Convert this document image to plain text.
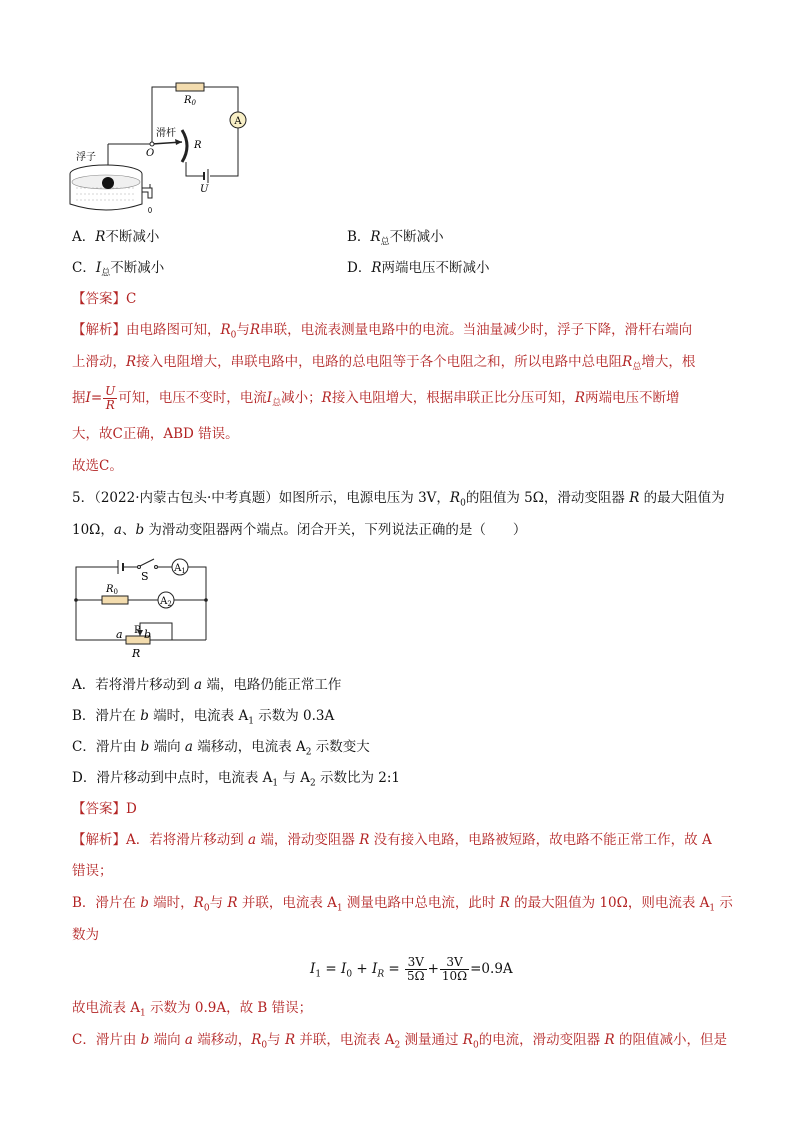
A
U
$R_0$
R
滑杆
O
浮子
A．R不断减小	B．$R_总$不断减小
C．$I_总$不断减小	D．R两端电压不断减小
【答案】C
【解析】由电路图可知，$R_0$与R串联，电流表测量电路中的电流。当油量减少时，浮子下降，滑杆右端向
上滑动，R接入电阻增大，串联电路中，电路的总电阻等于各个电阻之和，所以电路中总电阻$R_总$增大，根
据$I= \frac{U}{R}$ 可知，电压不变时，电流$I_总$减小；R接入电阻增大，根据串联正比分压可知，R两端电压不断增
大，故C正确，ABD 错误。
故选C。
5．（2022·内蒙古包头·中考真题）如图所示，电源电压为 3V，$R_0$的阻值为 5Ω，滑动变阻器 R 的最大阻值为
10Ω，a、b 为滑动变阻器两个端点。闭合开关，下列说法正确的是（　　）
S
$A_1$
$R_0$
$A_2$
P
a b
R
A．若将滑片移动到 a 端，电路仍能正常工作
B．滑片在 b 端时，电流表 $A_1$ 示数为 0.3A
C．滑片由 b 端向 a 端移动，电流表 $A_2$ 示数变大
D．滑片移动到中点时，电流表 $A_1$ 与 $A_2$ 示数比为 2:1
【答案】D
【解析】A．若将滑片移动到 a 端，滑动变阻器 R 没有接入电路，电路被短路，故电路不能正常工作，故 A
错误；
B．滑片在 b 端时，$R_0$与 R 并联，电流表 $A_1$ 测量电路中总电流，此时 R 的最大阻值为 10Ω，则电流表 $A_1$ 示
数为
$I_1 = I_0 + I_R = \frac{3V}{5\Omega} + \frac{3V}{10\Omega} =0.9A$
故电流表 $A_1$ 示数为 0.9A，故 B 错误；
C．滑片由 b 端向 a 端移动，$R_0$与 R 并联，电流表 $A_2$ 测量通过 $R_0$的电流，滑动变阻器 R 的阻值减小，但是
